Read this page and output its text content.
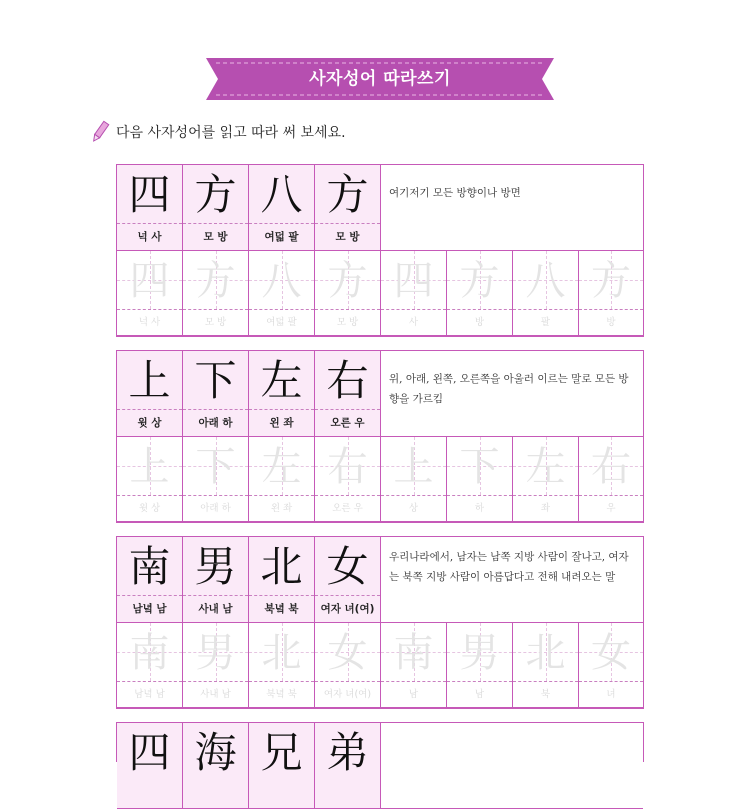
사자성어 따라쓰기
다음 사자성어를 읽고 따라 써 보세요.
四
넉 사
方
모 방
八
여덟 팔
方
모 방
여기저기 모든 방향이나 방면
四
넉 사
方
모 방
八
여덟 팔
方
모 방
四
사
方
방
八
팔
方
방
上
윗 상
下
아래 하
左
왼 좌
右
오른 우
위, 아래, 왼쪽, 오른쪽을 아울러 이르는 말로 모든 방향을 가르킴
上
윗 상
下
아래 하
左
왼 좌
右
오른 우
上
상
下
하
左
좌
右
우
南
남녘 남
男
사내 남
北
북녘 북
女
여자 녀(여)
우리나라에서, 남자는 남쪽 지방 사람이 잘나고, 여자는 북쪽 지방 사람이 아름답다고 전해 내려오는 말
南
남녘 남
男
사내 남
北
북녘 북
女
여자 녀(여)
南
남
男
남
北
북
女
녀
四 海 兄 弟
